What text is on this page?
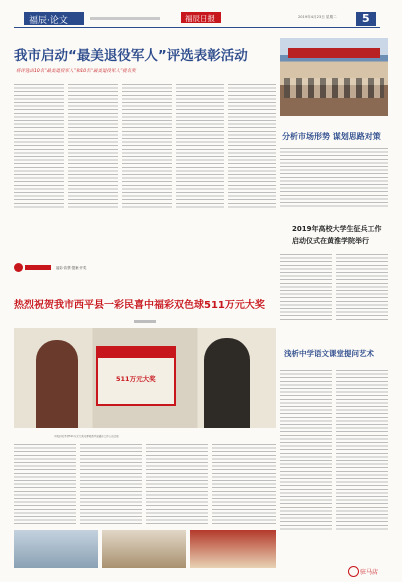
福辰·论文	福辰日报	2019年4月23日 星期二 5
我市启动“最美退役军人”评选表彰活动
将评选出10名“最美退役军人”和10名“最美退役军人”提名奖
分析市场形势 谋划思路对策
2019年高校大学生征兵工作
启动仪式在黄淮学院举行
浅析中学语文课堂提问艺术
福彩·彩票·提案·开奖
热烈祝贺我市西平县一彩民喜中福彩双色球511万元大奖
511万元大奖
中奖彩民手持511万元大奖支票和西平县福彩工作人员合影
驻马店
